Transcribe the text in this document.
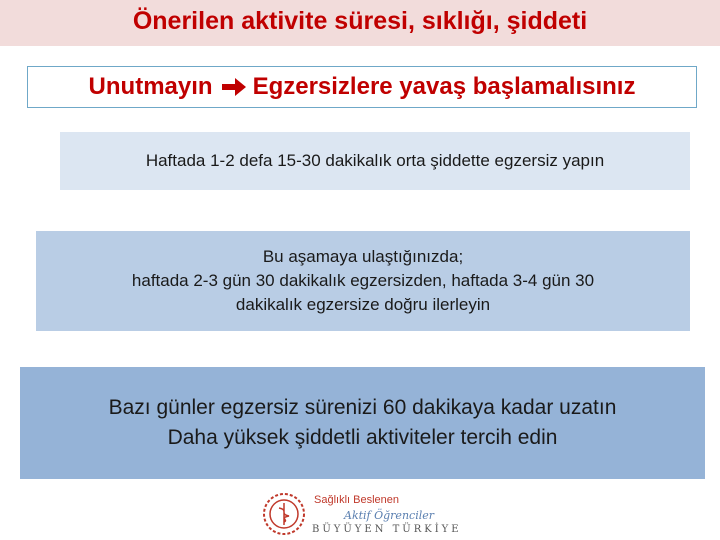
Önerilen aktivite süresi, sıklığı, şiddeti
Unutmayın Egzersizlere yavaş başlamalısınız
Haftada 1-2 defa 15-30 dakikalık orta şiddette egzersiz yapın
Bu aşamaya ulaştığınızda;
haftada 2-3 gün 30 dakikalık egzersizden, haftada 3-4 gün 30
dakikalık egzersize doğru ilerleyin
Bazı günler egzersiz sürenizi 60 dakikaya kadar uzatın
Daha yüksek şiddetli aktiviteler tercih edin
Sağlıklı Beslenen
Aktif Öğrenciler
BÜYÜYEN TÜRKİYE
